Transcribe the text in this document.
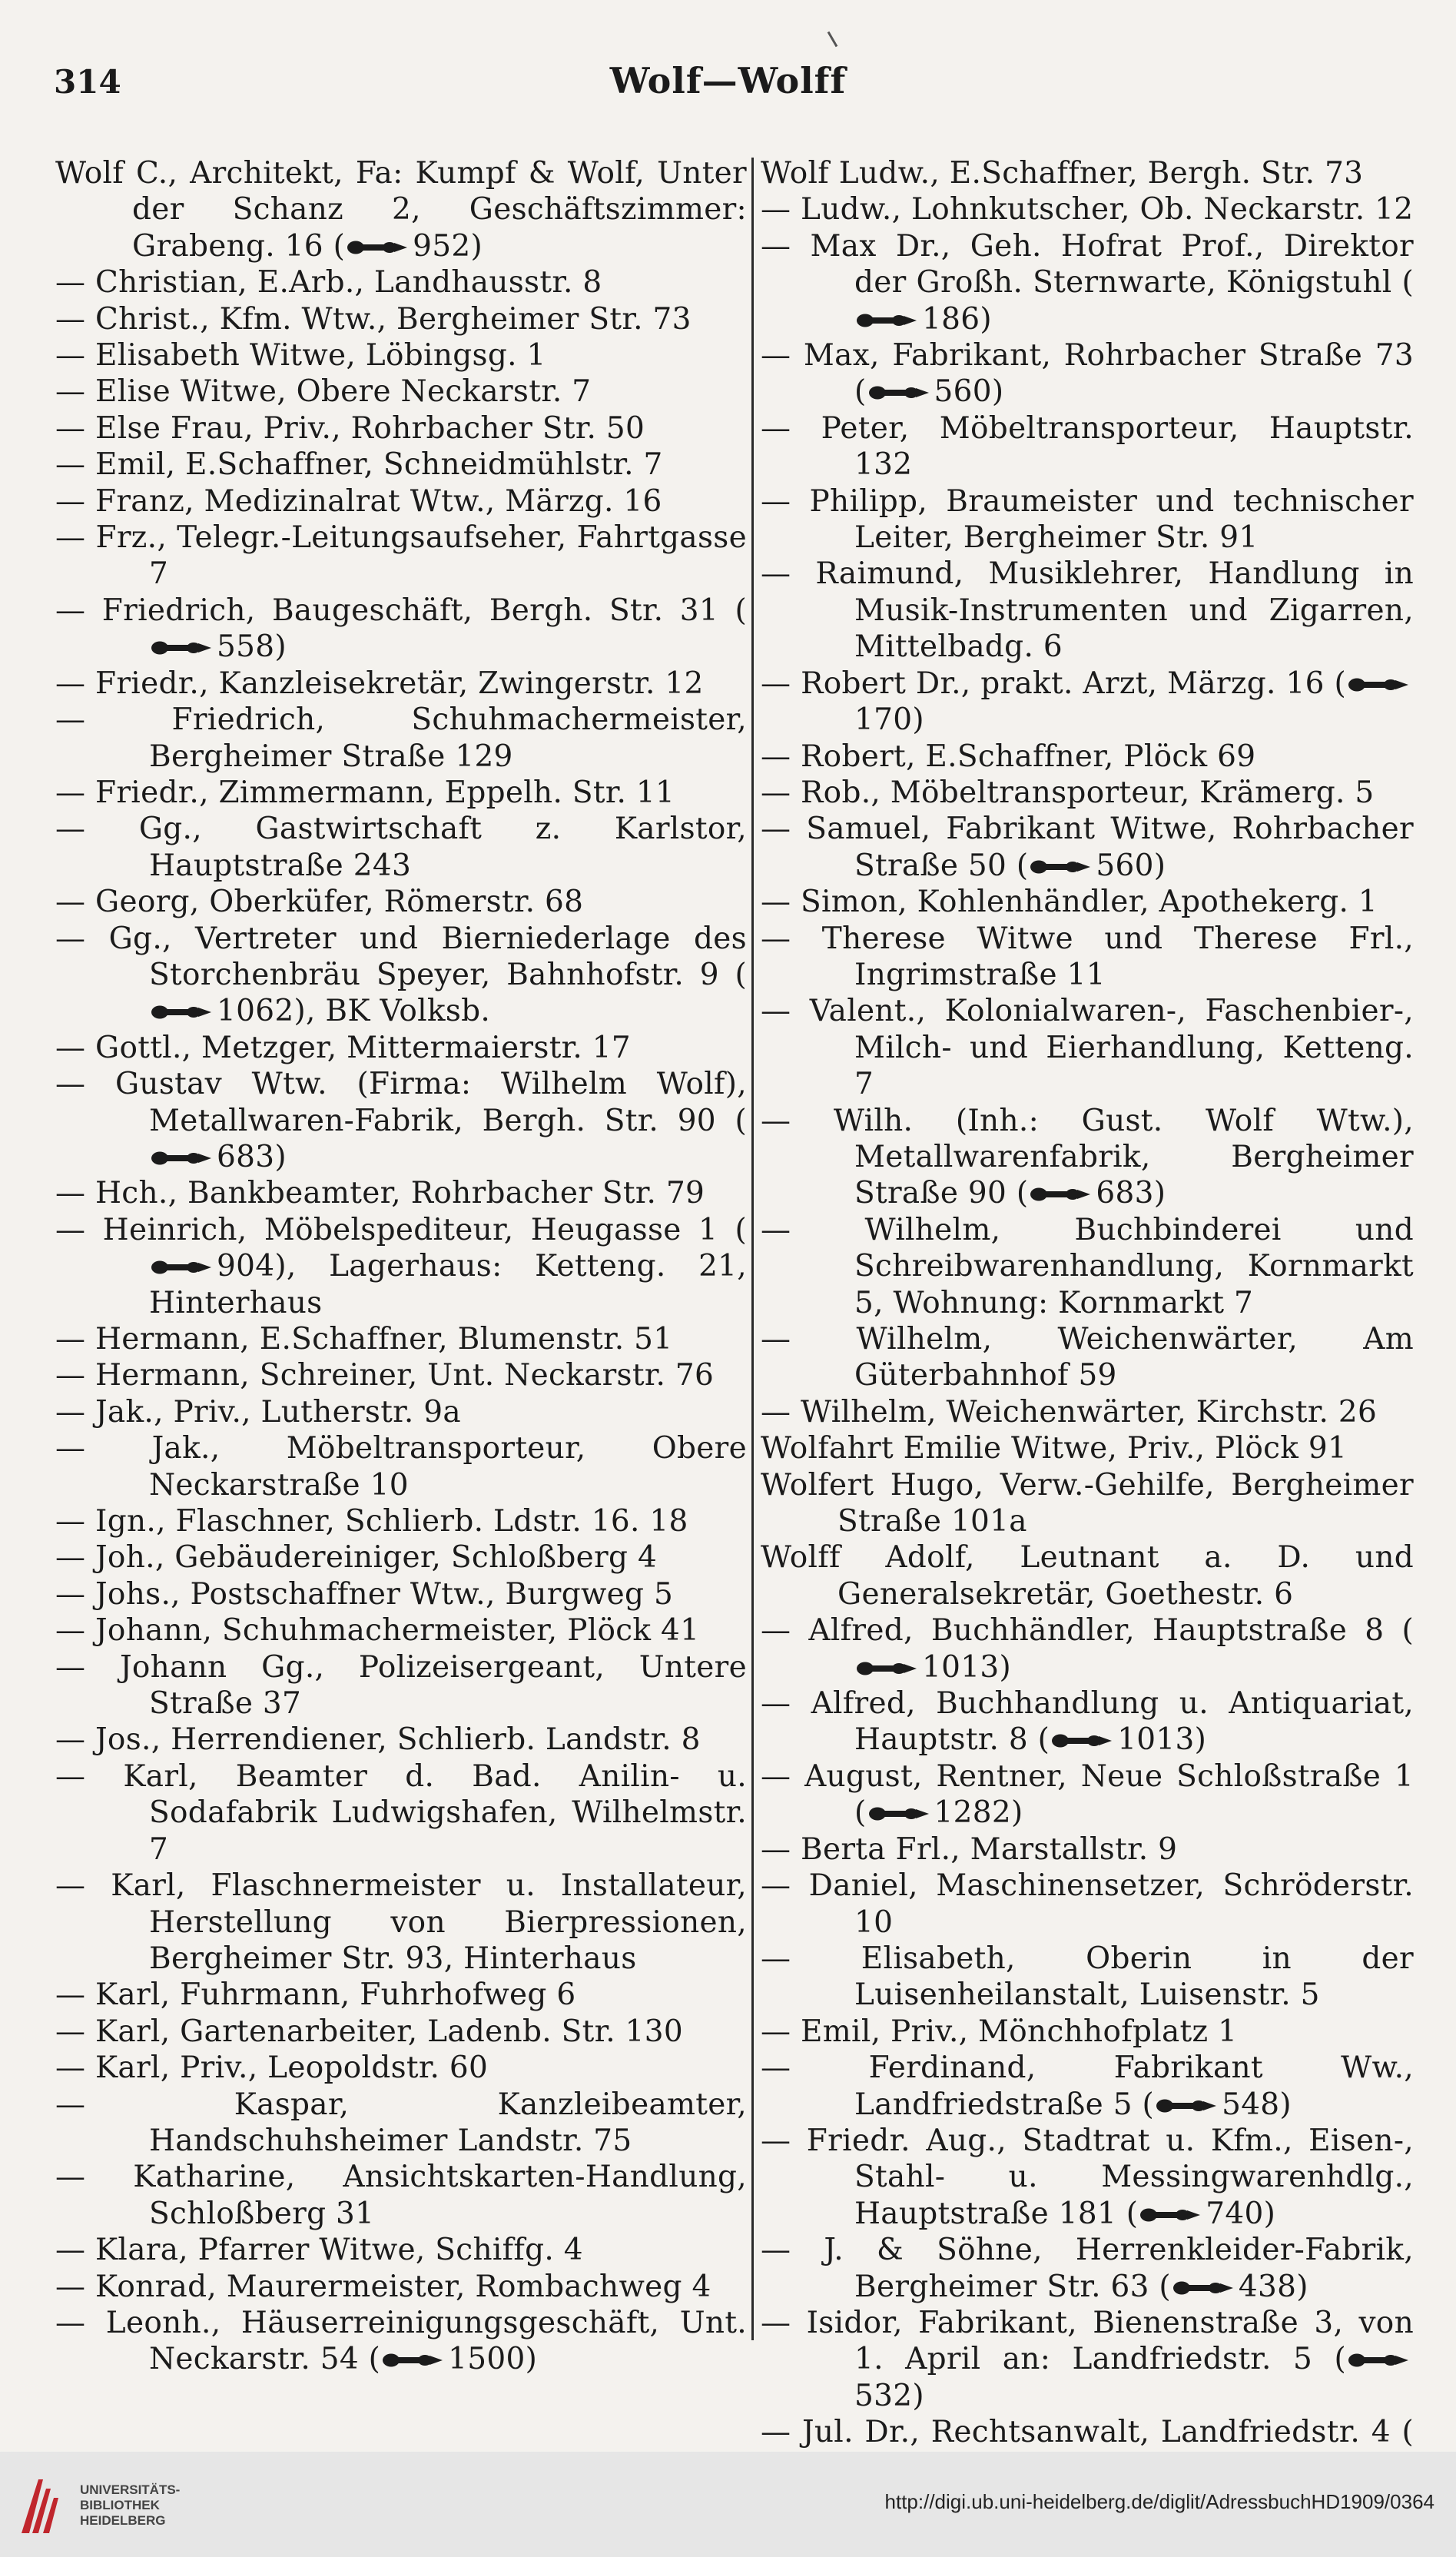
314	Wolf—Wolff
Wolf C., Architekt, Fa: Kumpf & Wolf, Unter der Schanz 2, Geschäftszimmer: Grabeng. 16 ( 952)
— Christian, E.Arb., Landhausstr. 8
— Christ., Kfm. Wtw., Bergheimer Str. 73
— Elisabeth Witwe, Löbingsg. 1
— Elise Witwe, Obere Neckarstr. 7
— Else Frau, Priv., Rohrbacher Str. 50
— Emil, E.Schaffner, Schneidmühlstr. 7
— Franz, Medizinalrat Wtw., Märzg. 16
— Frz., Telegr.-Leitungsaufseher, Fahrtgasse 7
— Friedrich, Baugeschäft, Bergh. Str. 31 (
558)
— Friedr., Kanzleisekretär, Zwingerstr. 12
— Friedrich, Schuhmachermeister, Bergheimer Straße 129
— Friedr., Zimmermann, Eppelh. Str. 11
— Gg., Gastwirtschaft z. Karlstor, Hauptstraße 243
— Georg, Oberküfer, Römerstr. 68
— Gg., Vertreter und Bierniederlage des Storchenbräu Speyer, Bahnhofstr. 9 (
1062), BK Volksb.
— Gottl., Metzger, Mittermaierstr. 17
— Gustav Wtw. (Firma: Wilhelm Wolf), Metallwaren-Fabrik, Bergh. Str. 90 (
683)
— Hch., Bankbeamter, Rohrbacher Str. 79
— Heinrich, Möbelspediteur, Heugasse 1 (
904), Lagerhaus: Ketteng. 21, Hinterhaus
— Hermann, E.Schaffner, Blumenstr. 51
— Hermann, Schreiner, Unt. Neckarstr. 76
— Jak., Priv., Lutherstr. 9a
— Jak., Möbeltransporteur, Obere Neckarstraße 10
— Ign., Flaschner, Schlierb. Ldstr. 16. 18
— Joh., Gebäudereiniger, Schloßberg 4
— Johs., Postschaffner Wtw., Burgweg 5
— Johann, Schuhmachermeister, Plöck 41
— Johann Gg., Polizeisergeant, Untere Straße 37
— Jos., Herrendiener, Schlierb. Landstr. 8
— Karl, Beamter d. Bad. Anilin- u. Sodafabrik Ludwigshafen, Wilhelmstr. 7
— Karl, Flaschnermeister u. Installateur, Herstellung von Bierpressionen, Bergheimer Str. 93, Hinterhaus
— Karl, Fuhrmann, Fuhrhofweg 6
— Karl, Gartenarbeiter, Ladenb. Str. 130
— Karl, Priv., Leopoldstr. 60
— Kaspar, Kanzleibeamter, Handschuhsheimer Landstr. 75
— Katharine, Ansichtskarten-Handlung, Schloßberg 31
— Klara, Pfarrer Witwe, Schiffg. 4
— Konrad, Maurermeister, Rombachweg 4
— Leonh., Häuserreinigungsgeschäft, Unt. Neckarstr. 54 ( 1500)
Wolf Ludw., E.Schaffner, Bergh. Str. 73
— Ludw., Lohnkutscher, Ob. Neckarstr. 12
— Max Dr., Geh. Hofrat Prof., Direktor der Großh. Sternwarte, Königstuhl (
186)
— Max, Fabrikant, Rohrbacher Straße 73 ( 560)
— Peter, Möbeltransporteur, Hauptstr. 132
— Philipp, Braumeister und technischer Leiter, Bergheimer Str. 91
— Raimund, Musiklehrer, Handlung in Musik-Instrumenten und Zigarren, Mittelbadg. 6
— Robert Dr., prakt. Arzt, Märzg. 16 (
170)
— Robert, E.Schaffner, Plöck 69
— Rob., Möbeltransporteur, Krämerg. 5
— Samuel, Fabrikant Witwe, Rohrbacher Straße 50 ( 560)
— Simon, Kohlenhändler, Apothekerg. 1
— Therese Witwe und Therese Frl., Ingrimstraße 11
— Valent., Kolonialwaren-, Faschenbier-, Milch- und Eierhandlung, Ketteng. 7
— Wilh. (Inh.: Gust. Wolf Wtw.), Metallwarenfabrik, Bergheimer Straße 90 ( 683)
— Wilhelm, Buchbinderei und Schreibwarenhandlung, Kornmarkt 5, Wohnung: Kornmarkt 7
— Wilhelm, Weichenwärter, Am Güterbahnhof 59
— Wilhelm, Weichenwärter, Kirchstr. 26
Wolfahrt Emilie Witwe, Priv., Plöck 91
Wolfert Hugo, Verw.-Gehilfe, Bergheimer Straße 101a
Wolff Adolf, Leutnant a. D. und Generalsekretär, Goethestr. 6
— Alfred, Buchhändler, Hauptstraße 8 (
1013)
— Alfred, Buchhandlung u. Antiquariat, Hauptstr. 8 ( 1013)
— August, Rentner, Neue Schloßstraße 1 ( 1282)
— Berta Frl., Marstallstr. 9
— Daniel, Maschinensetzer, Schröderstr. 10
— Elisabeth, Oberin in der Luisenheilanstalt, Luisenstr. 5
— Emil, Priv., Mönchhofplatz 1
— Ferdinand, Fabrikant Ww., Landfriedstraße 5 ( 548)
— Friedr. Aug., Stadtrat u. Kfm., Eisen-, Stahl- u. Messingwarenhdlg., Hauptstraße 181 ( 740)
— J. & Söhne, Herrenkleider-Fabrik, Bergheimer Str. 63 ( 438)
— Isidor, Fabrikant, Bienenstraße 3, von 1. April an: Landfriedstr. 5 (
532)
— Jul. Dr., Rechtsanwalt, Landfriedstr. 4 (
UNIVERSITÄTS-
BIBLIOTHEK
HEIDELBERG
http://digi.ub.uni-heidelberg.de/diglit/AdressbuchHD1909/0364
